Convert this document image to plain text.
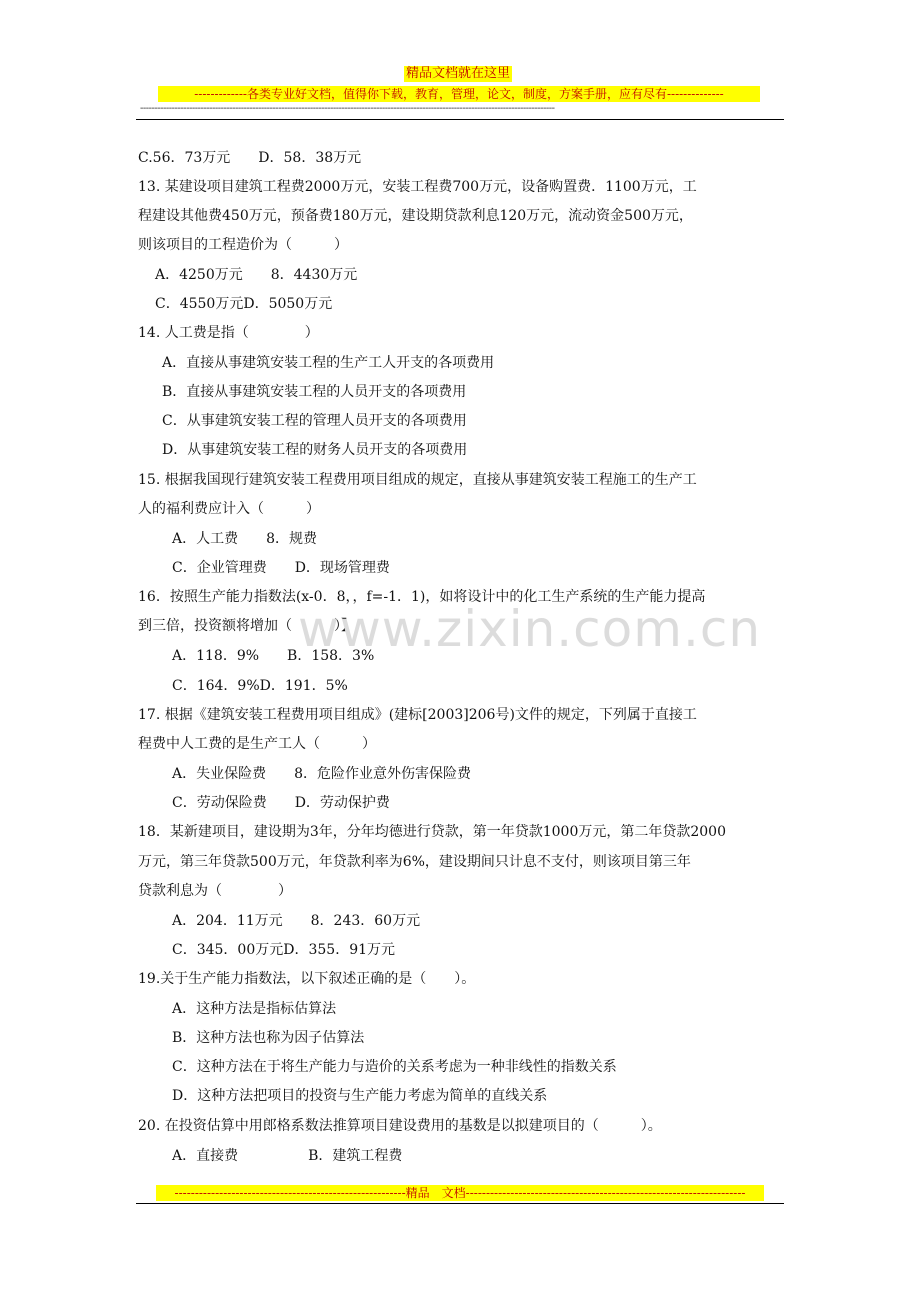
精品文档就在这里
-------------各类专业好文档，值得你下载，教育，管理，论文，制度，方案手册，应有尽有--------------
------------------------------------------------------------------------------------------------------------------------------------------------
C.56．73万元　　D．58．38万元
13. 某建设项目建筑工程费2000万元，安装工程费700万元，设备购置费．1100万元，工
程建设其他费450万元，预备费180万元，建设期贷款利息120万元，流动资金500万元，
则该项目的工程造价为（　　　）
A．4250万元　　8．4430万元
C．4550万元D．5050万元
14. 人工费是指（　　　　）
A．直接从事建筑安装工程的生产工人开支的各项费用
B．直接从事建筑安装工程的人员开支的各项费用
C．从事建筑安装工程的管理人员开支的各项费用
D．从事建筑安装工程的财务人员开支的各项费用
15. 根据我国现行建筑安装工程费用项目组成的规定，直接从事建筑安装工程施工的生产工
人的福利费应计入（　　　）
A．人工费　　8．规费
C．企业管理费　　D．现场管理费
16．按照生产能力指数法(x-0．8，，f=-1．1)，如将设计中的化工生产系统的生产能力提高
到三倍，投资额将增加（　　　）】
A．118．9%　　B．158．3%
C．164．9%D．191．5%
17. 根据《建筑安装工程费用项目组成》(建标[2003]206号)文件的规定，下列属于直接工
程费中人工费的是生产工人（　　　）
A．失业保险费　　8．危险作业意外伤害保险费
C．劳动保险费　　D．劳动保护费
18．某新建项目，建设期为3年，分年均德进行贷款，第一年贷款1000万元，第二年贷款2000
万元，第三年贷款500万元，年贷款利率为6%，建设期间只计息不支付，则该项目第三年
贷款利息为（　　　　）
A．204．11万元　　8．243．60万元
C．345．00万元D．355．91万元
19.关于生产能力指数法，以下叙述正确的是（　　）。
A．这种方法是指标估算法
B．这种方法也称为因子估算法
C．这种方法在于将生产能力与造价的关系考虑为一种非线性的指数关系
D．这种方法把项目的投资与生产能力考虑为简单的直线关系
20. 在投资估算中用郎格系数法推算项目建设费用的基数是以拟建项目的（　　　）。
A．直接费　　　　　B．建筑工程费
www.zixin.com.cn
---------------------------------------------------------精品　文档---------------------------------------------------------------------
